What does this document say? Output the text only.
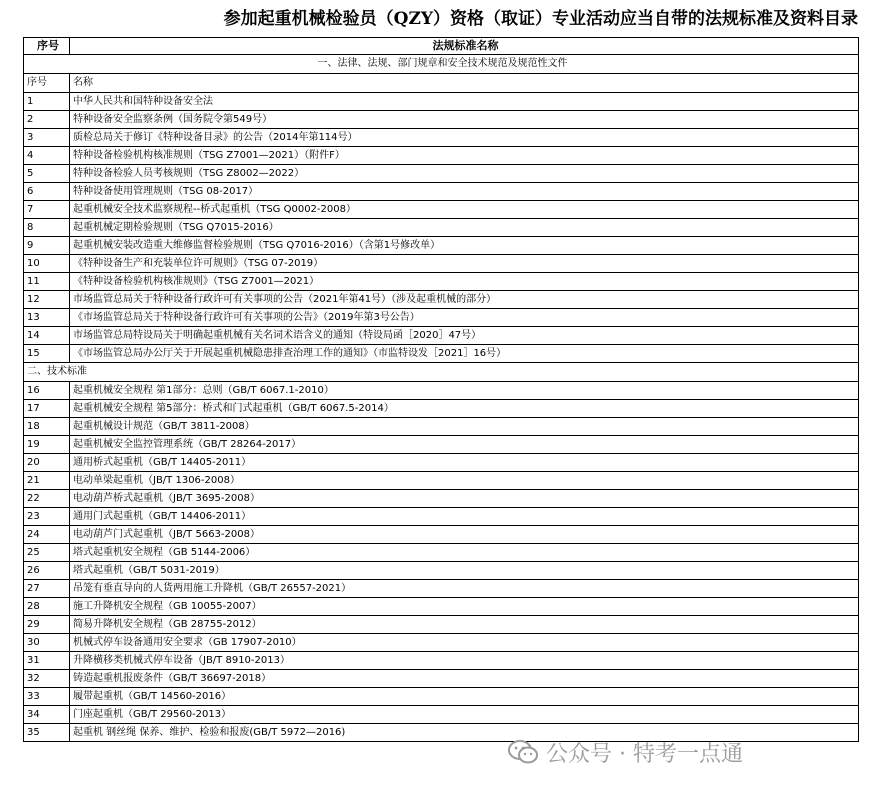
参加起重机械检验员（QZY）资格（取证）专业活动应当自带的法规标准及资料目录
序号	法规标准名称
一、法律、法规、部门规章和安全技术规范及规范性文件	
序号	名称
1	中华人民共和国特种设备安全法
2	特种设备安全监察条例（国务院令第549号）
3	质检总局关于修订《特种设备目录》的公告（2014年第114号）
4	特种设备检验机构核准规则（TSG Z7001—2021）（附件F）
5	特种设备检验人员考核规则（TSG Z8002—2022）
6	特种设备使用管理规则（TSG 08-2017）
7	起重机械安全技术监察规程--桥式起重机（TSG Q0002-2008）
8	起重机械定期检验规则（TSG Q7015-2016）
9	起重机械安装改造重大维修监督检验规则（TSG Q7016-2016）（含第1号修改单）
10	《特种设备生产和充装单位许可规则》（TSG 07-2019）
11	《特种设备检验机构核准规则》（TSG Z7001—2021）
12	市场监管总局关于特种设备行政许可有关事项的公告（2021年第41号）（涉及起重机械的部分）
13	《市场监管总局关于特种设备行政许可有关事项的公告》（2019年第3号公告）
14	市场监管总局特设局关于明确起重机械有关名词术语含义的通知（特设局函［2020］47号）
15	《市场监管总局办公厅关于开展起重机械隐患排查治理工作的通知》（市监特设发［2021］16号）
二、技术标准	
16	起重机械安全规程 第1部分：总则（GB/T 6067.1-2010）
17	起重机械安全规程 第5部分：桥式和门式起重机（GB/T 6067.5-2014）
18	起重机械设计规范（GB/T 3811-2008）
19	起重机械安全监控管理系统（GB/T 28264-2017）
20	通用桥式起重机（GB/T 14405-2011）
21	电动单梁起重机（JB/T 1306-2008）
22	电动葫芦桥式起重机（JB/T 3695-2008）
23	通用门式起重机（GB/T 14406-2011）
24	电动葫芦门式起重机（JB/T 5663-2008）
25	塔式起重机安全规程（GB 5144-2006）
26	塔式起重机（GB/T 5031-2019）
27	吊笼有垂直导向的人货两用施工升降机（GB/T 26557-2021）
28	施工升降机安全规程（GB 10055-2007）
29	简易升降机安全规程（GB 28755-2012）
30	机械式停车设备通用安全要求（GB 17907-2010）
31	升降横移类机械式停车设备（JB/T 8910-2013）
32	铸造起重机报废条件（GB/T 36697-2018）
33	履带起重机（GB/T 14560-2016）
34	门座起重机（GB/T 29560-2013）
35	起重机 钢丝绳 保养、维护、检验和报废(GB/T 5972—2016)
公众号 · 特考一点通
